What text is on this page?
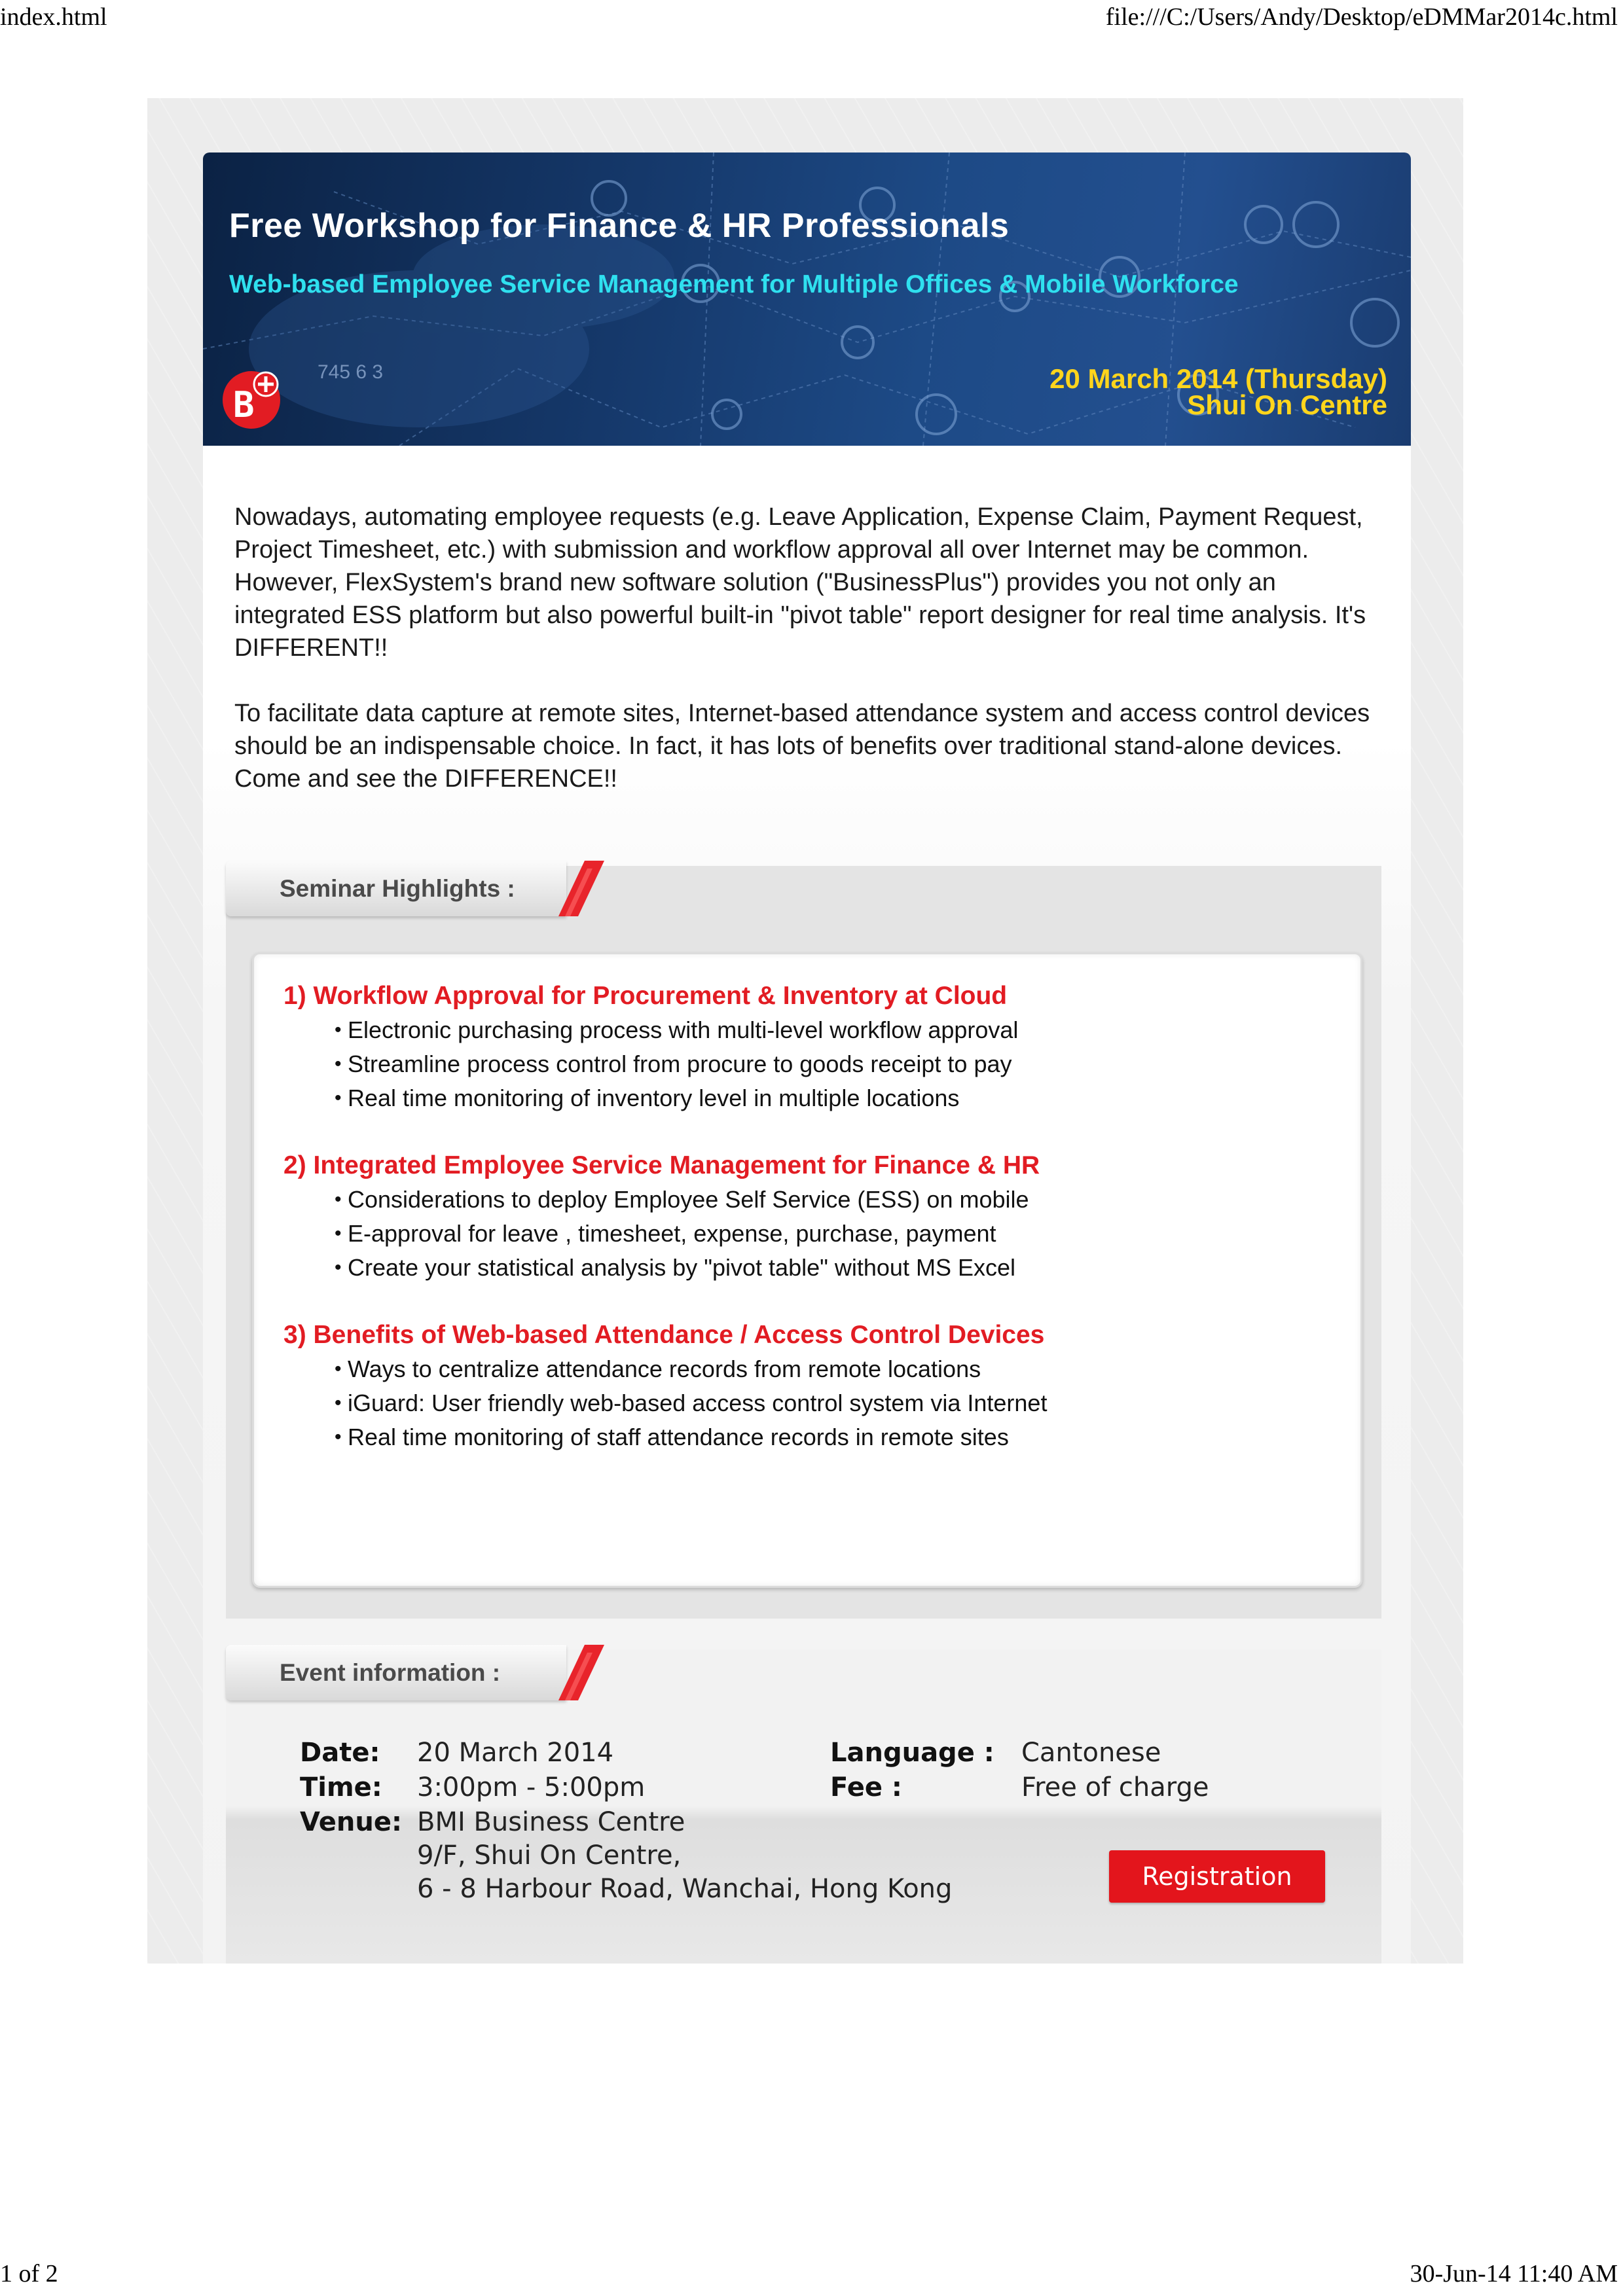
index.html	file:///C:/Users/Andy/Desktop/eDMMar2014c.html
745 6 3
Free Workshop for Finance & HR Professionals
Web-based Employee Service Management for Multiple Offices & Mobile Workforce
20 March 2014 (Thursday)
Shui On Centre
B

Nowadays, automating employee requests (e.g. Leave Application, Expense Claim, Payment Request, Project Timesheet, etc.) with submission and workflow approval all over Internet may be common. However, FlexSystem's brand new software solution ("BusinessPlus") provides you not only an integrated ESS platform but also powerful built-in "pivot table" report designer for real time analysis. It's DIFFERENT!!

To facilitate data capture at remote sites, Internet-based attendance system and access control devices should be an indispensable choice. In fact, it has lots of benefits over traditional stand-alone devices. Come and see the DIFFERENCE!!

Seminar Highlights :
1) Workflow Approval for Procurement & Inventory at Cloud
• Electronic purchasing process with multi-level workflow approval
• Streamline process control from procure to goods receipt to pay
• Real time monitoring of inventory level in multiple locations
2) Integrated Employee Service Management for Finance & HR
• Considerations to deploy Employee Self Service (ESS) on mobile
• E-approval for leave , timesheet, expense, purchase, payment
• Create your statistical analysis by "pivot table" without MS Excel
3) Benefits of Web-based Attendance / Access Control Devices
• Ways to centralize attendance records from remote locations
• iGuard: User friendly web-based access control system via Internet
• Real time monitoring of staff attendance records in remote sites
Event information :
Date: 20 March 2014
Time: 3:00pm - 5:00pm
Venue: BMI Business Centre
9/F, Shui On Centre,
6 - 8 Harbour Road, Wanchai, Hong Kong
Language : Cantonese
Fee :	Free of charge
Registration
1 of 2	30-Jun-14 11:40 AM
